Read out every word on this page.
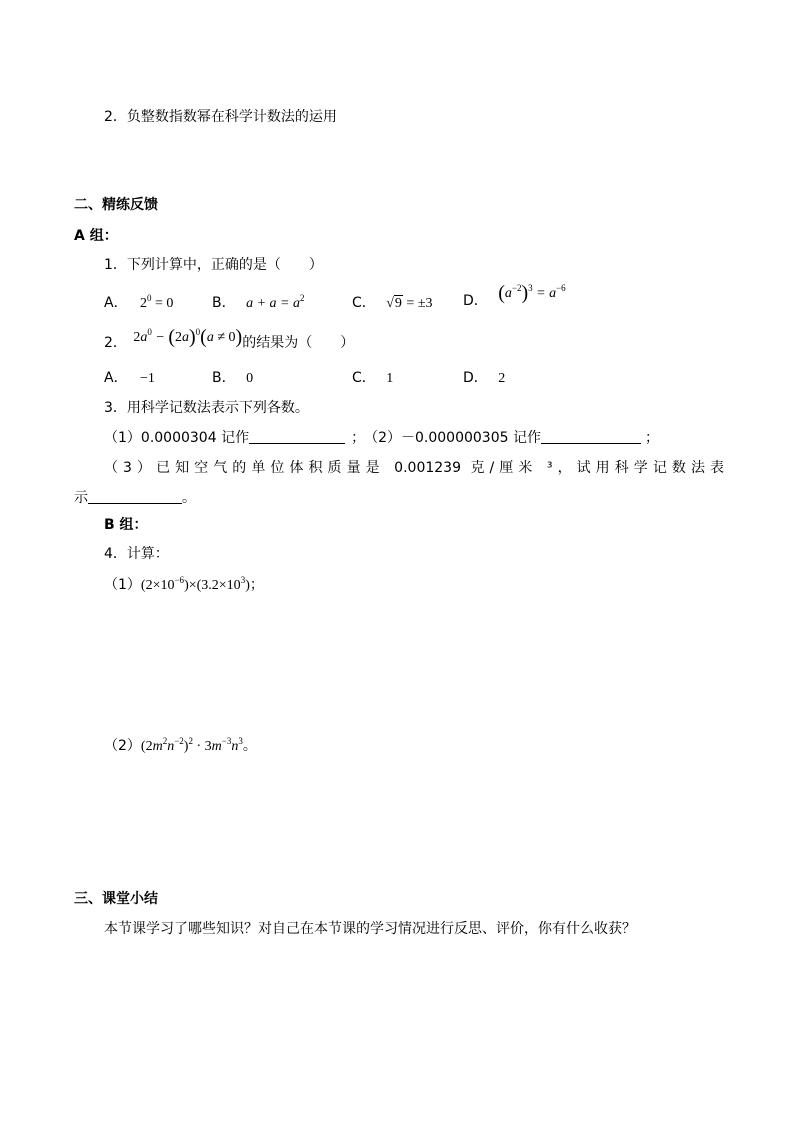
2．负整数指数幂在科学计数法的运用
二、精练反馈
A 组：
1．下列计算中，正确的是（　　）
A． $2^0 = 0$	B． $a + a = a^2$	C． √9 = ±3 D． $(a^{-2})^3 = a^{-6}$
2． $2a^0 - (2a)^0(a \ne 0)$的结果为（　　）
A． −1	B． 0	C． 1	D． 2
3．用科学记数法表示下列各数。
（1）0.0000304 记作	； （2）－0.000000305 记作	；
（3）已知空气的单位体积质量是 0.001239 克/厘米 ³，试用科学记数法表
示	。
B 组：
4．计算：
$(1)(2\times 10^{-6})\times(3.2\times 10^3)$；
$(2)(2m^2n^{-2})^2 \cdot 3m^{-3}n^3$。
三、课堂小结
本节课学习了哪些知识？对自己在本节课的学习情况进行反思、评价，你有什么收获？
